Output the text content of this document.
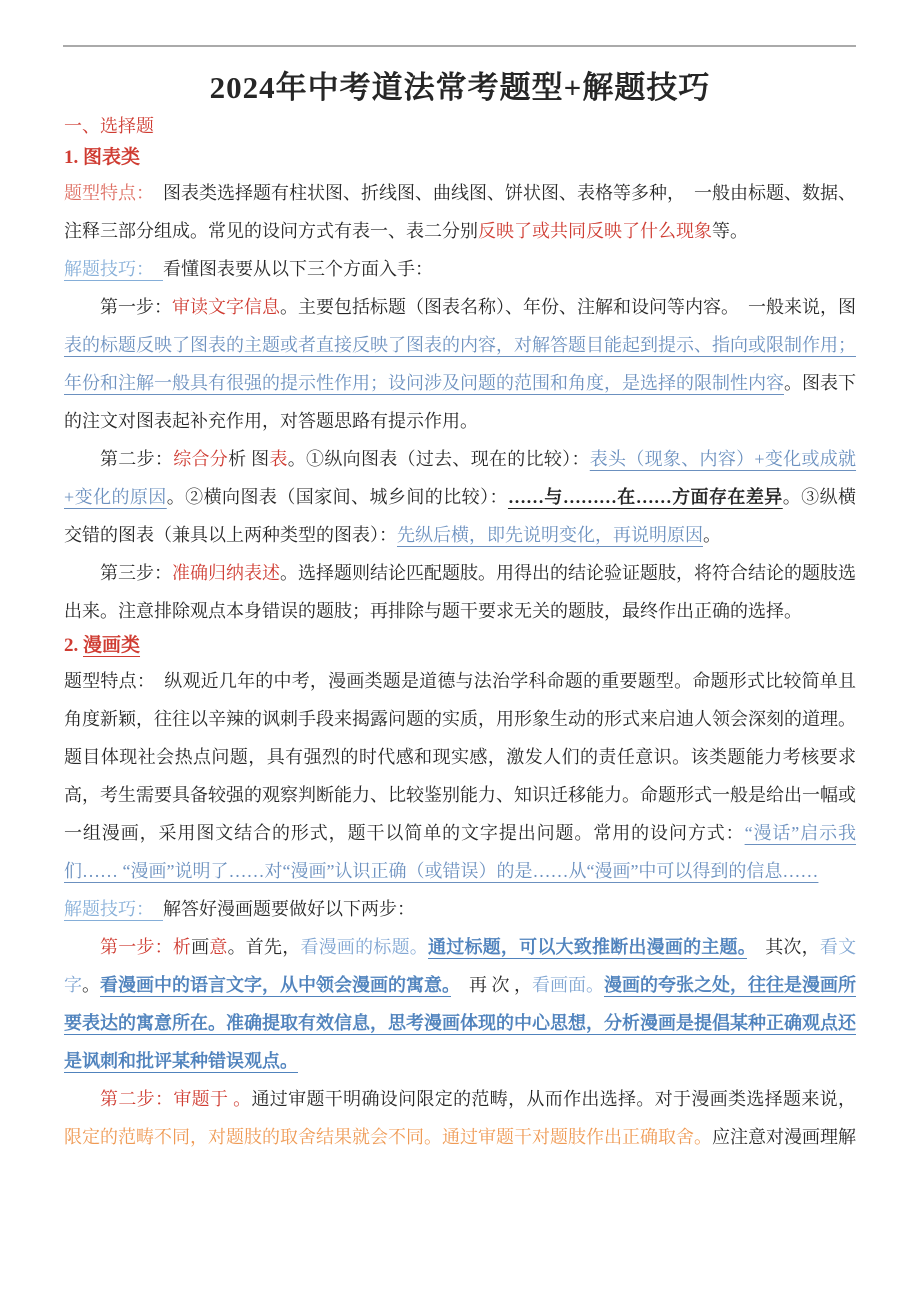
2024年中考道法常考题型+解题技巧
一、选择题
1. 图表类

题型特点：　图表类选择题有柱状图、折线图、曲线图、饼状图、表格等多种，　一般由标题、数据、注释三部分组成。常见的设问方式有表一、表二分别反映了或共同反映了什么现象等。

解题技巧：　看懂图表要从以下三个方面入手：

第一步：审读文字信息。主要包括标题（图表名称）、年份、注解和设问等内容。　一般来说，图表的标题反映了图表的主题或者直接反映了图表的内容，对解答题目能起到提示、指向或限制作用；年份和注解一般具有很强的提示性作用；设问涉及问题的范围和角度，是选择的限制性内容。图表下的注文对图表起补充作用，对答题思路有提示作用。

第二步：综合分析 图表。①纵向图表（过去、现在的比较）：表头（现象、内容）+变化或成就+变化的原因。②横向图表（国家间、城乡间的比较）：……与………在……方面存在差异。③纵横交错的图表（兼具以上两种类型的图表）：先纵后横，即先说明变化，再说明原因。

第三步：准确归纳表述。选择题则结论匹配题肢。用得出的结论验证题肢，将符合结论的题肢选出来。注意排除观点本身错误的题肢；再排除与题干要求无关的题肢，最终作出正确的选择。

2. 漫画类

题型特点：　纵观近几年的中考，漫画类题是道德与法治学科命题的重要题型。命题形式比较简单且角度新颖，往往以辛辣的讽刺手段来揭露问题的实质，用形象生动的形式来启迪人领会深刻的道理。题目体现社会热点问题，具有强烈的时代感和现实感，激发人们的责任意识。该类题能力考核要求高，考生需要具备较强的观察判断能力、比较鉴别能力、知识迁移能力。命题形式一般是给出一幅或一组漫画，采用图文结合的形式，题干以简单的文字提出问题。常用的设问方式：“漫话”启示我们…… “漫画”说明了……对“漫画”认识正确（或错误）的是……从“漫画”中可以得到的信息……

解题技巧：　解答好漫画题要做好以下两步：

第一步：析画意。首先，看漫画的标题。通过标题，可以大致推断出漫画的主题。　其次，看文字。看漫画中的语言文字，从中领会漫画的寓意。　再 次 ，看画面。漫画的夸张之处，往往是漫画所要表达的寓意所在。准确提取有效信息，思考漫画体现的中心思想，分析漫画是提倡某种正确观点还是讽刺和批评某种错误观点。

第二步：审题于 。通过审题干明确设问限定的范畴，从而作出选择。对于漫画类选择题来说，限定的范畴不同，对题肢的取舍结果就会不同。通过审题干对题肢作出正确取舍。应注意对漫画理解
